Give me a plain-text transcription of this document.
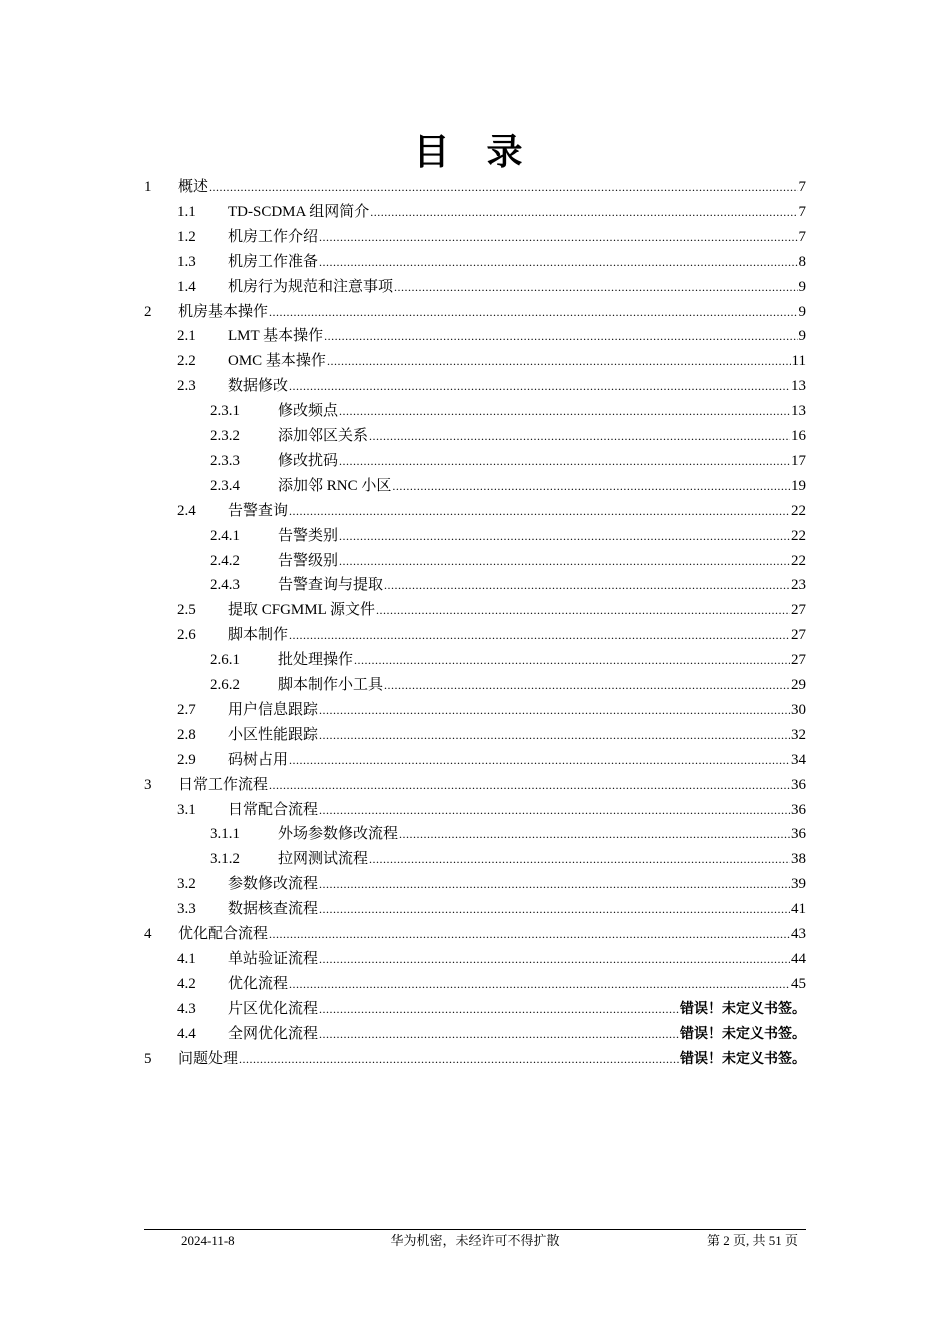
目 录
1	概述 .....	7
1.1	TD-SCDMA 组网简介 .....	7
1.2	机房工作介绍 .....	7
1.3	机房工作准备 .....	8
1.4	机房行为规范和注意事项 .....	9
2	机房基本操作 .....	9
2.1	LMT 基本操作 .....	9
2.2	OMC 基本操作 .....	11
2.3	数据修改 .....	13
2.3.1	修改频点 .....	13
2.3.2	添加邻区关系 .....	16
2.3.3	修改扰码 .....	17
2.3.4	添加邻 RNC 小区 .....	19
2.4	告警查询 .....	22
2.4.1	告警类别 .....	22
2.4.2	告警级别 .....	22
2.4.3	告警查询与提取 .....	23
2.5	提取 CFGMML 源文件 .....	27
2.6	脚本制作 .....	27
2.6.1	批处理操作 .....	27
2.6.2	脚本制作小工具 .....	29
2.7	用户信息跟踪 .....	30
2.8	小区性能跟踪 .....	32
2.9	码树占用 .....	34
3	日常工作流程 .....	36
3.1	日常配合流程 .....	36
3.1.1	外场参数修改流程 .....	36
3.1.2	拉网测试流程 .....	38
3.2	参数修改流程 .....	39
3.3	数据核查流程 .....	41
4	优化配合流程 .....	43
4.1	单站验证流程 .....	44
4.2	优化流程 .....	45
4.3	片区优化流程 .....	错误！未定义书签。
4.4	全网优化流程 .....	错误！未定义书签。
5	问题处理 .....	错误！未定义书签。
2024-11-8	华为机密，未经许可不得扩散	第 2 页, 共 51 页
